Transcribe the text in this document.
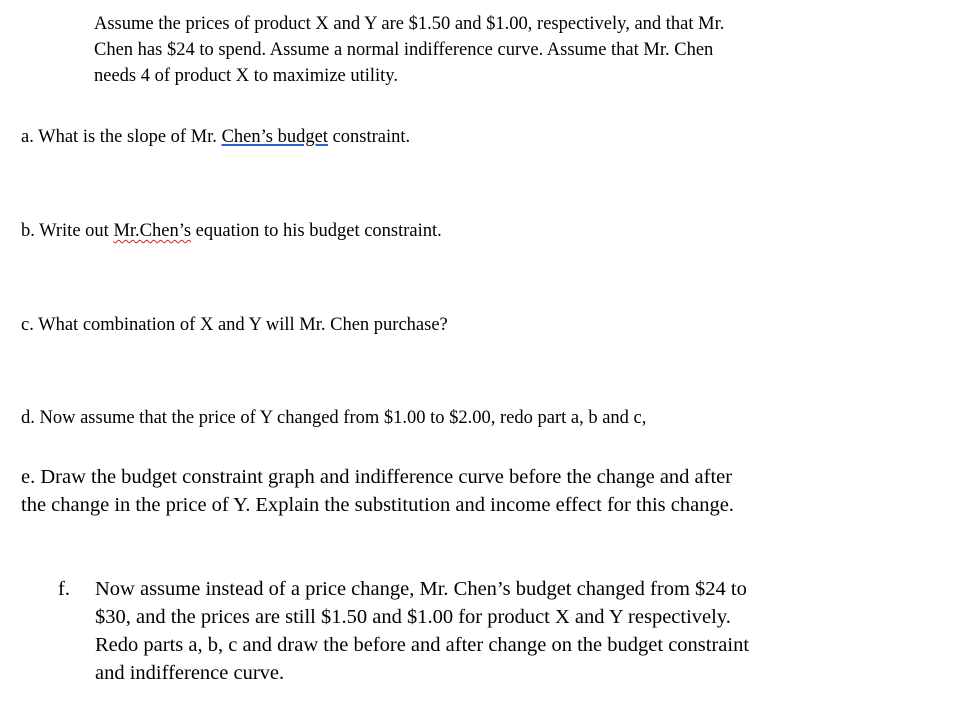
Assume the prices of product X and Y are $1.50 and $1.00, respectively, and that Mr.
Chen has $24 to spend. Assume a normal indifference curve. Assume that Mr. Chen
needs 4 of product X to maximize utility.

a. What is the slope of Mr. Chen’s budget constraint.

b. Write out Mr.Chen’s equation to his budget constraint.

c. What combination of X and Y will Mr. Chen purchase?

d. Now assume that the price of Y changed from $1.00 to $2.00, redo part a, b and c,

e. Draw the budget constraint graph and indifference curve before the change and after
the change in the price of Y. Explain the substitution and income effect for this change.
f. Now assume instead of a price change, Mr. Chen’s budget changed from $24 to
$30, and the prices are still $1.50 and $1.00 for product X and Y respectively.
Redo parts a, b, c and draw the before and after change on the budget constraint
and indifference curve.
